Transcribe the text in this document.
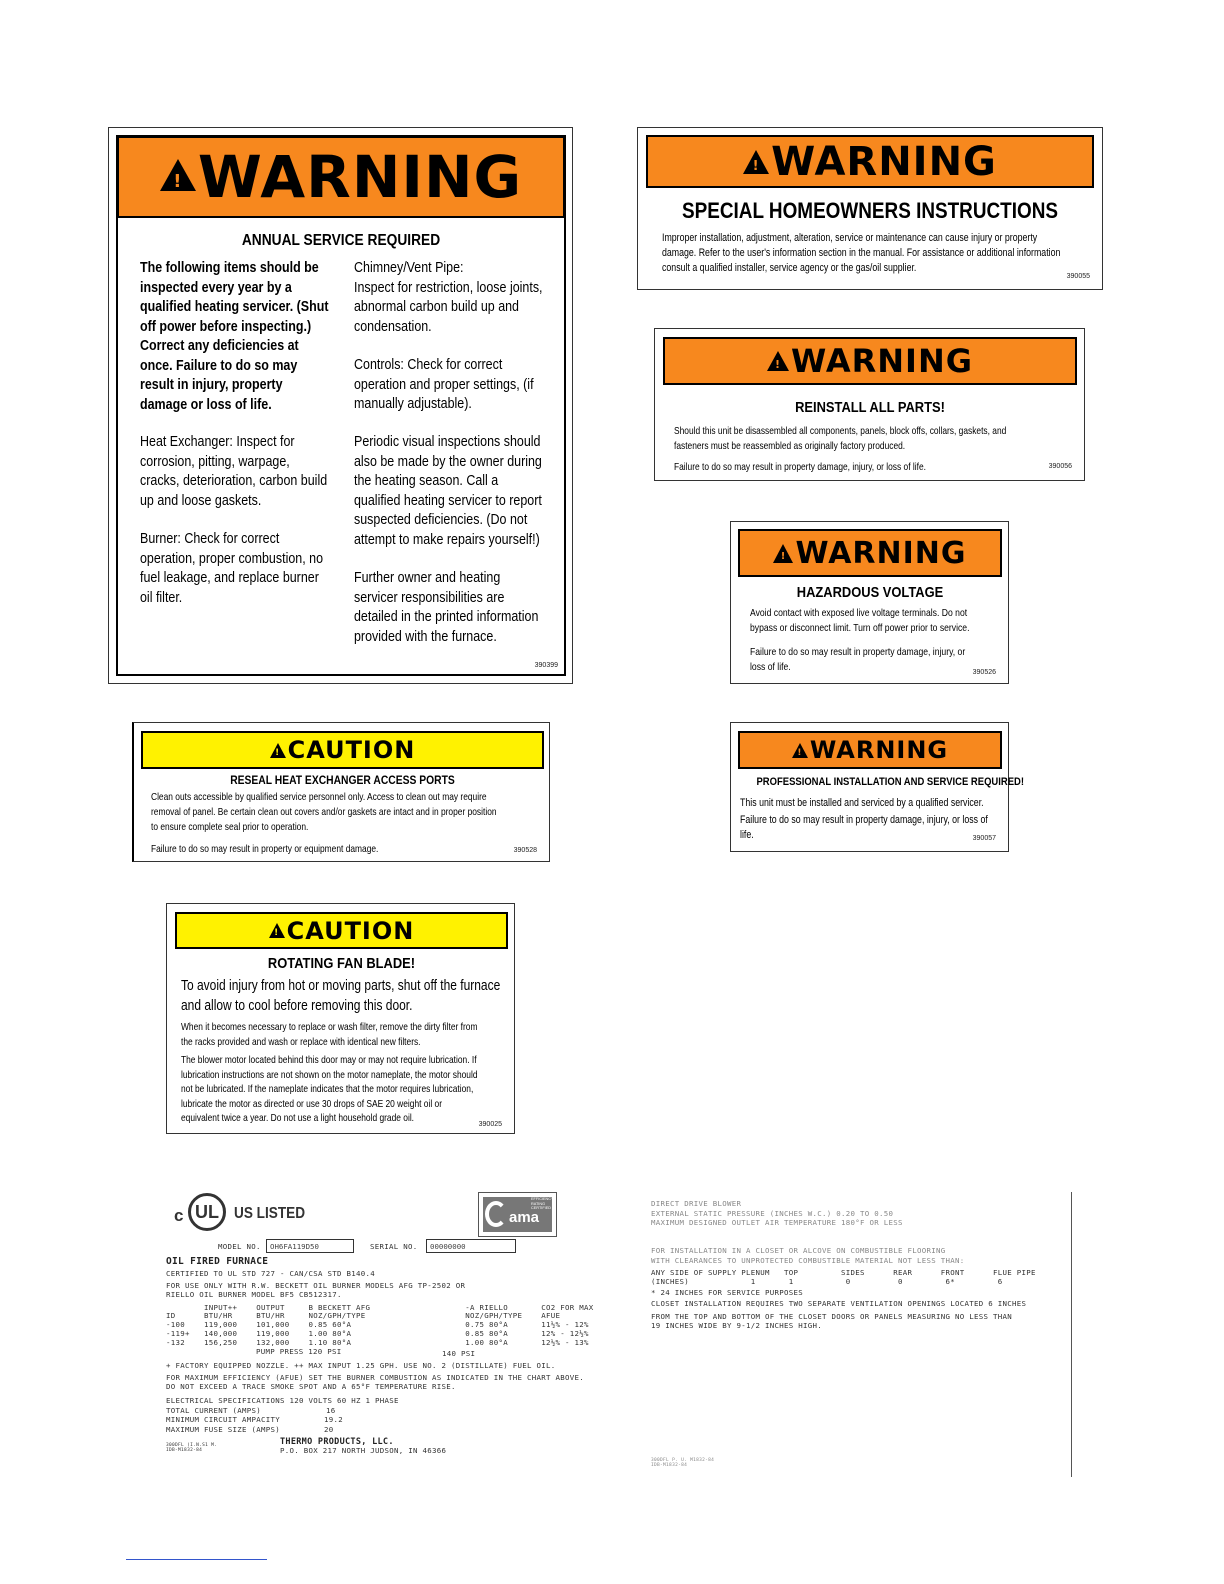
! WARNING
ANNUAL SERVICE REQUIRED
The following items should be
inspected every year by a
qualified heating servicer. (Shut
off power before inspecting.)
Correct any deficiencies at
once. Failure to do so may
result in injury, property
damage or loss of life.
Heat Exchanger: Inspect for
corrosion, pitting, warpage,
cracks, deterioration, carbon build
up and loose gaskets.
Burner: Check for correct
operation, proper combustion, no
fuel leakage, and replace burner
oil filter.
Chimney/Vent Pipe:
Inspect for restriction, loose joints,
abnormal carbon build up and
condensation.
Controls: Check for correct
operation and proper settings, (if
manually adjustable).
Periodic visual inspections should
also be made by the owner during
the heating season. Call a
qualified heating servicer to report
suspected deficiencies. (Do not
attempt to make repairs yourself!)
Further owner and heating
servicer responsibilities are
detailed in the printed information
provided with the furnace.
390399
! WARNING
SPECIAL HOMEOWNERS INSTRUCTIONS
Improper installation, adjustment, alteration, service or maintenance can cause injury or property
damage. Refer to the user's information section in the manual. For assistance or additional information
consult a qualified installer, service agency or the gas/oil supplier.
390055
! WARNING
REINSTALL ALL PARTS!
Should this unit be disassembled all components, panels, block offs, collars, gaskets, and
fasteners must be reassembled as originally factory produced.
Failure to do so may result in property damage, injury, or loss of life.	390056
! WARNING
HAZARDOUS VOLTAGE
Avoid contact with exposed live voltage terminals. Do not
bypass or disconnect limit. Turn off power prior to service.
Failure to do so may result in property damage, injury, or
loss of life.	390526
! CAUTION
RESEAL HEAT EXCHANGER ACCESS PORTS
Clean outs accessible by qualified service personnel only. Access to clean out may require
removal of panel. Be certain clean out covers and/or gaskets are intact and in proper position
to ensure complete seal prior to operation.
Failure to do so may result in property or equipment damage.	390528
! WARNING
PROFESSIONAL INSTALLATION AND SERVICE REQUIRED!
This unit must be installed and serviced by a qualified servicer.
Failure to do so may result in property damage, injury, or loss of
life.	390057
! CAUTION
ROTATING FAN BLADE!
To avoid injury from hot or moving parts, shut off the furnace
and allow to cool before removing this door.
When it becomes necessary to replace or wash filter, remove the dirty filter from
the racks provided and wash or replace with identical new filters.
The blower motor located behind this door may or may not require lubrication. If
lubrication instructions are not shown on the motor nameplate, the motor should
not be lubricated. If the nameplate indicates that the motor requires lubrication,
lubricate the motor as directed or use 30 drops of SAE 20 weight oil or
equivalent twice a year. Do not use a light household grade oil.
390025
c UL US LISTED	ama
EFFICIENCY
RATING
CERTIFIED
MODEL NO.	OH6FA119D50	SERIAL NO.	00000000
OIL FIRED FURNACE
CERTIFIED TO UL STD 727 - CAN/CSA STD B140.4
FOR USE ONLY WITH R.W. BECKETT OIL BURNER MODELS AFG TP-2502 OR
RIELLO OIL BURNER MODEL BF5 CB512317.
INPUT++    OUTPUT     B BECKETT AFG                    -A RIELLO       CO2 FOR MAX
ID      BTU/HR     BTU/HR     NOZ/GPH/TYPE                     NOZ/GPH/TYPE    AFUE
-100    119,000    101,000    0.85 60°A                        0.75 80°A       11½% - 12%
-119+   140,000    119,000    1.00 80°A                        0.85 80°A       12% - 12½%
-132    156,250    132,000    1.10 80°A                        1.00 80°A       12½% - 13%
PUMP PRESS 120 PSI	140 PSI
+ FACTORY EQUIPPED NOZZLE. ++ MAX INPUT 1.25 GPH. USE NO. 2 (DISTILLATE) FUEL OIL.
FOR MAXIMUM EFFICIENCY (AFUE) SET THE BURNER COMBUSTION AS INDICATED IN THE CHART ABOVE.
DO NOT EXCEED A TRACE SMOKE SPOT AND A 65°F TEMPERATURE RISE.
ELECTRICAL SPECIFICATIONS 120 VOLTS 60 HZ 1 PHASE
TOTAL CURRENT (AMPS)	16
MINIMUM CIRCUIT AMPACITY	19.2
MAXIMUM FUSE SIZE (AMPS)	20
300DFL (I.N.S1 M.
IDB-M1832-84
THERMO PRODUCTS, LLC.
P.O. BOX 217 NORTH JUDSON, IN 46366
DIRECT DRIVE BLOWER
EXTERNAL STATIC PRESSURE (INCHES W.C.) 0.20 TO 0.50
MAXIMUM DESIGNED OUTLET AIR TEMPERATURE 180°F OR LESS
FOR INSTALLATION IN A CLOSET OR ALCOVE ON COMBUSTIBLE FLOORING
WITH CLEARANCES TO UNPROTECTED COMBUSTIBLE MATERIAL NOT LESS THAN:
ANY SIDE OF SUPPLY PLENUM   TOP         SIDES      REAR      FRONT      FLUE PIPE
(INCHES)             1       1           0          0         6*         6
* 24 INCHES FOR SERVICE PURPOSES
CLOSET INSTALLATION REQUIRES TWO SEPARATE VENTILATION OPENINGS LOCATED 6 INCHES
FROM THE TOP AND BOTTOM OF THE CLOSET DOORS OR PANELS MEASURING NO LESS THAN
19 INCHES WIDE BY 9-1/2 INCHES HIGH.
300DFL P. U. M1832-84
IDB-M1832-84
